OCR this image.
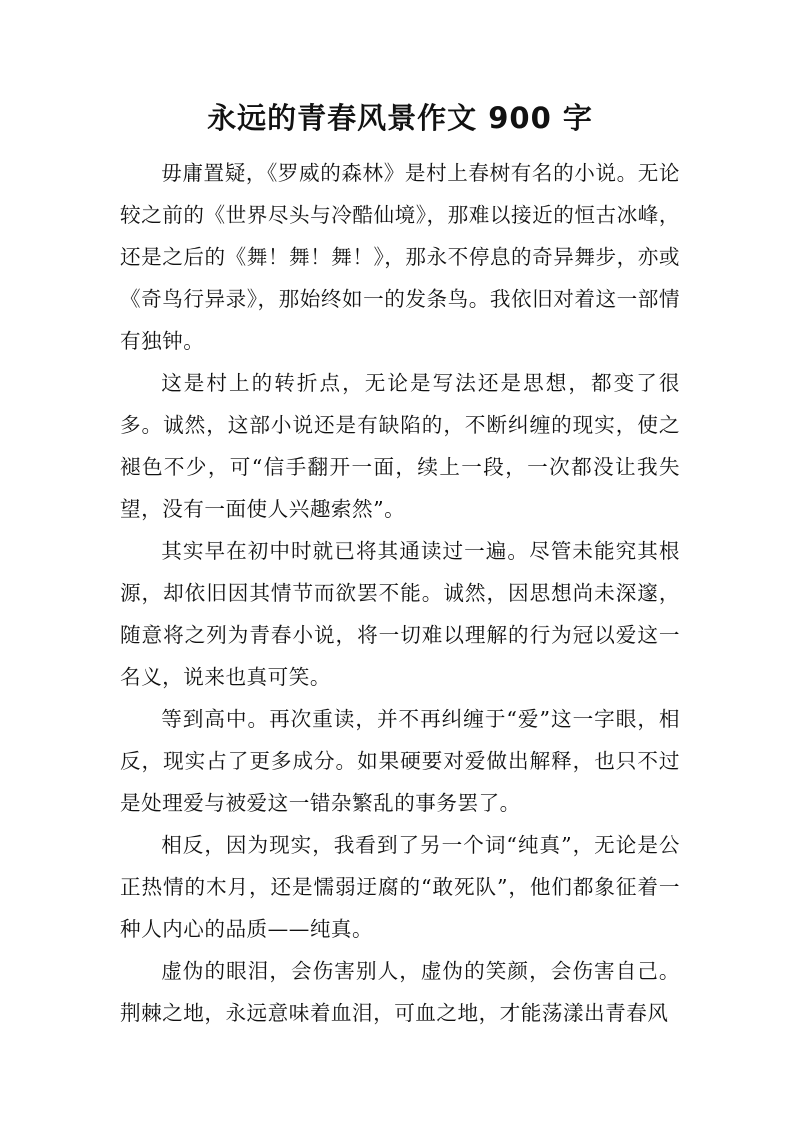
永远的青春风景作文 900 字

毋庸置疑，《罗威的森林》是村上春树有名的小说。无论较之前的《世界尽头与冷酷仙境》，那难以接近的恒古冰峰，还是之后的《舞！舞！舞！》，那永不停息的奇异舞步，亦或《奇鸟行异录》，那始终如一的发条鸟。我依旧对着这一部情有独钟。

这是村上的转折点，无论是写法还是思想，都变了很多。诚然，这部小说还是有缺陷的，不断纠缠的现实，使之褪色不少，可“信手翻开一面，续上一段，一次都没让我失望，没有一面使人兴趣索然”。

其实早在初中时就已将其通读过一遍。尽管未能究其根源，却依旧因其情节而欲罢不能。诚然，因思想尚未深邃，随意将之列为青春小说，将一切难以理解的行为冠以爱这一名义，说来也真可笑。

等到高中。再次重读，并不再纠缠于“爱”这一字眼，相反，现实占了更多成分。如果硬要对爱做出解释，也只不过是处理爱与被爱这一错杂繁乱的事务罢了。

相反，因为现实，我看到了另一个词“纯真”，无论是公正热情的木月，还是懦弱迂腐的“敢死队”，他们都象征着一种人内心的品质——纯真。

虚伪的眼泪，会伤害别人，虚伪的笑颜，会伤害自己。荆棘之地，永远意味着血泪，可血之地，才能荡漾出青春风
